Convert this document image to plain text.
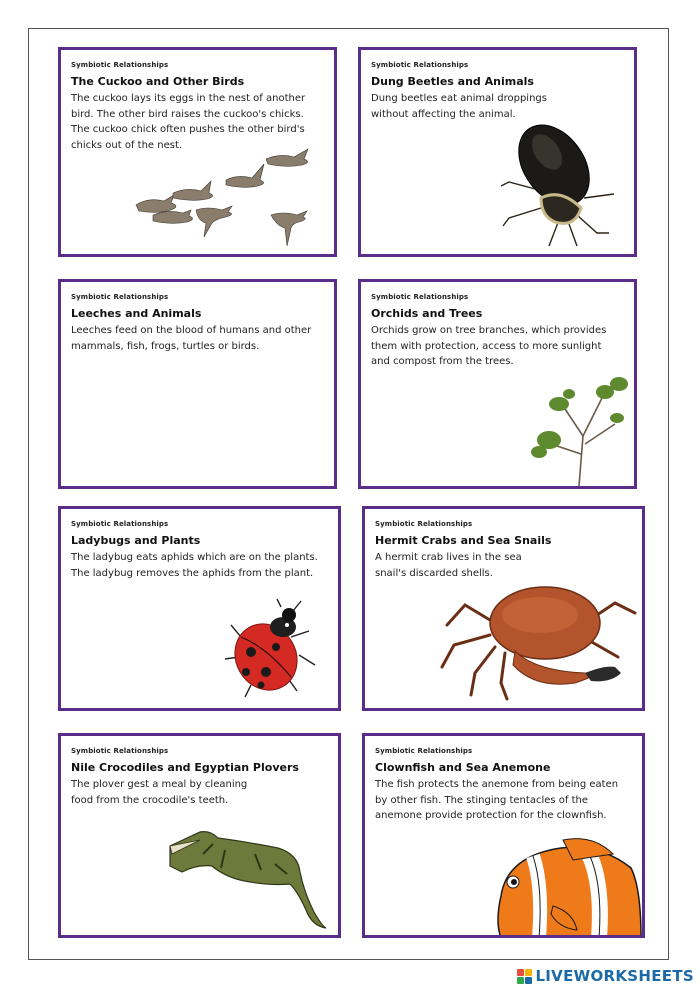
Symbiotic Relationships

The Cuckoo and Other Birds

The cuckoo lays its eggs in the nest of another bird. The other bird raises the cuckoo's chicks. The cuckoo chick often pushes the other bird's chicks out of the nest.

Symbiotic Relationships

Dung Beetles and Animals

Dung beetles eat animal droppings without affecting the animal.

Symbiotic Relationships

Leeches and Animals

Leeches feed on the blood of humans and other mammals, fish, frogs, turtles or birds.

Symbiotic Relationships

Orchids and Trees

Orchids grow on tree branches, which provides them with protection, access to more sunlight and compost from the trees.

Symbiotic Relationships

Ladybugs and Plants

The ladybug eats aphids which are on the plants. The ladybug removes the aphids from the plant.

Symbiotic Relationships

Hermit Crabs and Sea Snails

A hermit crab lives in the sea snail's discarded shells.

Symbiotic Relationships

Nile Crocodiles and Egyptian Plovers

The plover gest a meal by cleaning food from the crocodile's teeth.

Symbiotic Relationships

Clownfish and Sea Anemone

The fish protects the anemone from being eaten by other fish. The stinging tentacles of the anemone provide protection for the clownfish.

LIVEWORKSHEETS
